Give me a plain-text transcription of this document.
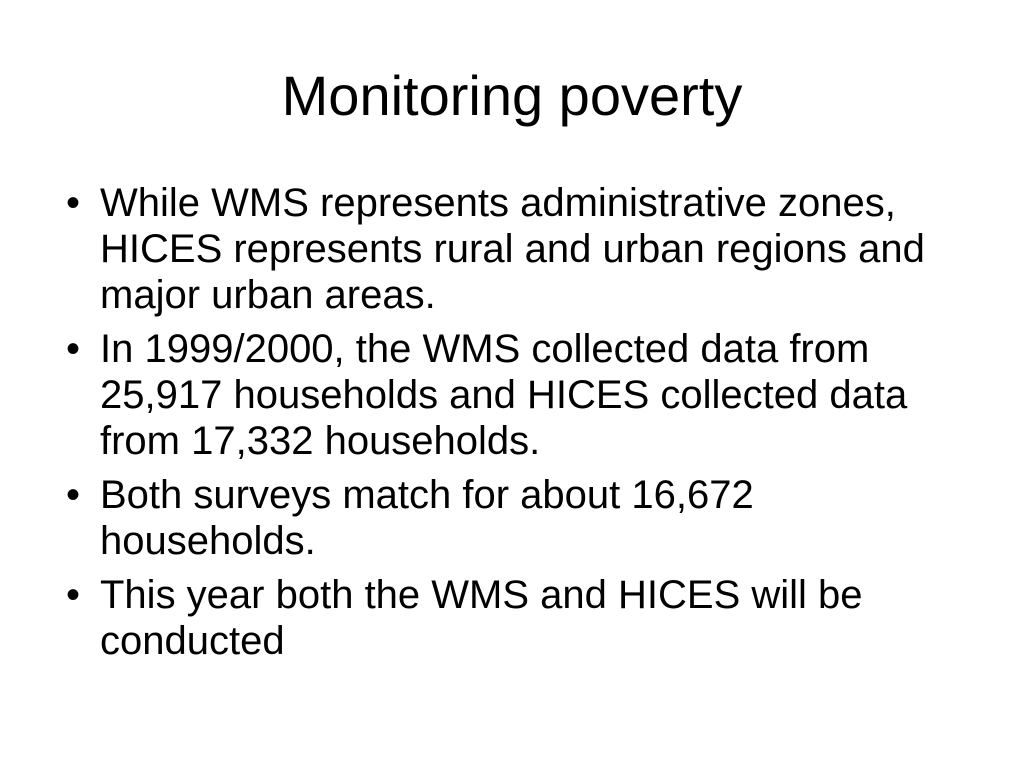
Monitoring poverty
• While WMS represents administrative zones, HICES represents rural and urban regions and major urban areas.
• In 1999/2000, the WMS collected data from 25,917 households and HICES collected data from 17,332 households.
• Both surveys match for about 16,672 households.
• This year both the WMS and HICES will be conducted
